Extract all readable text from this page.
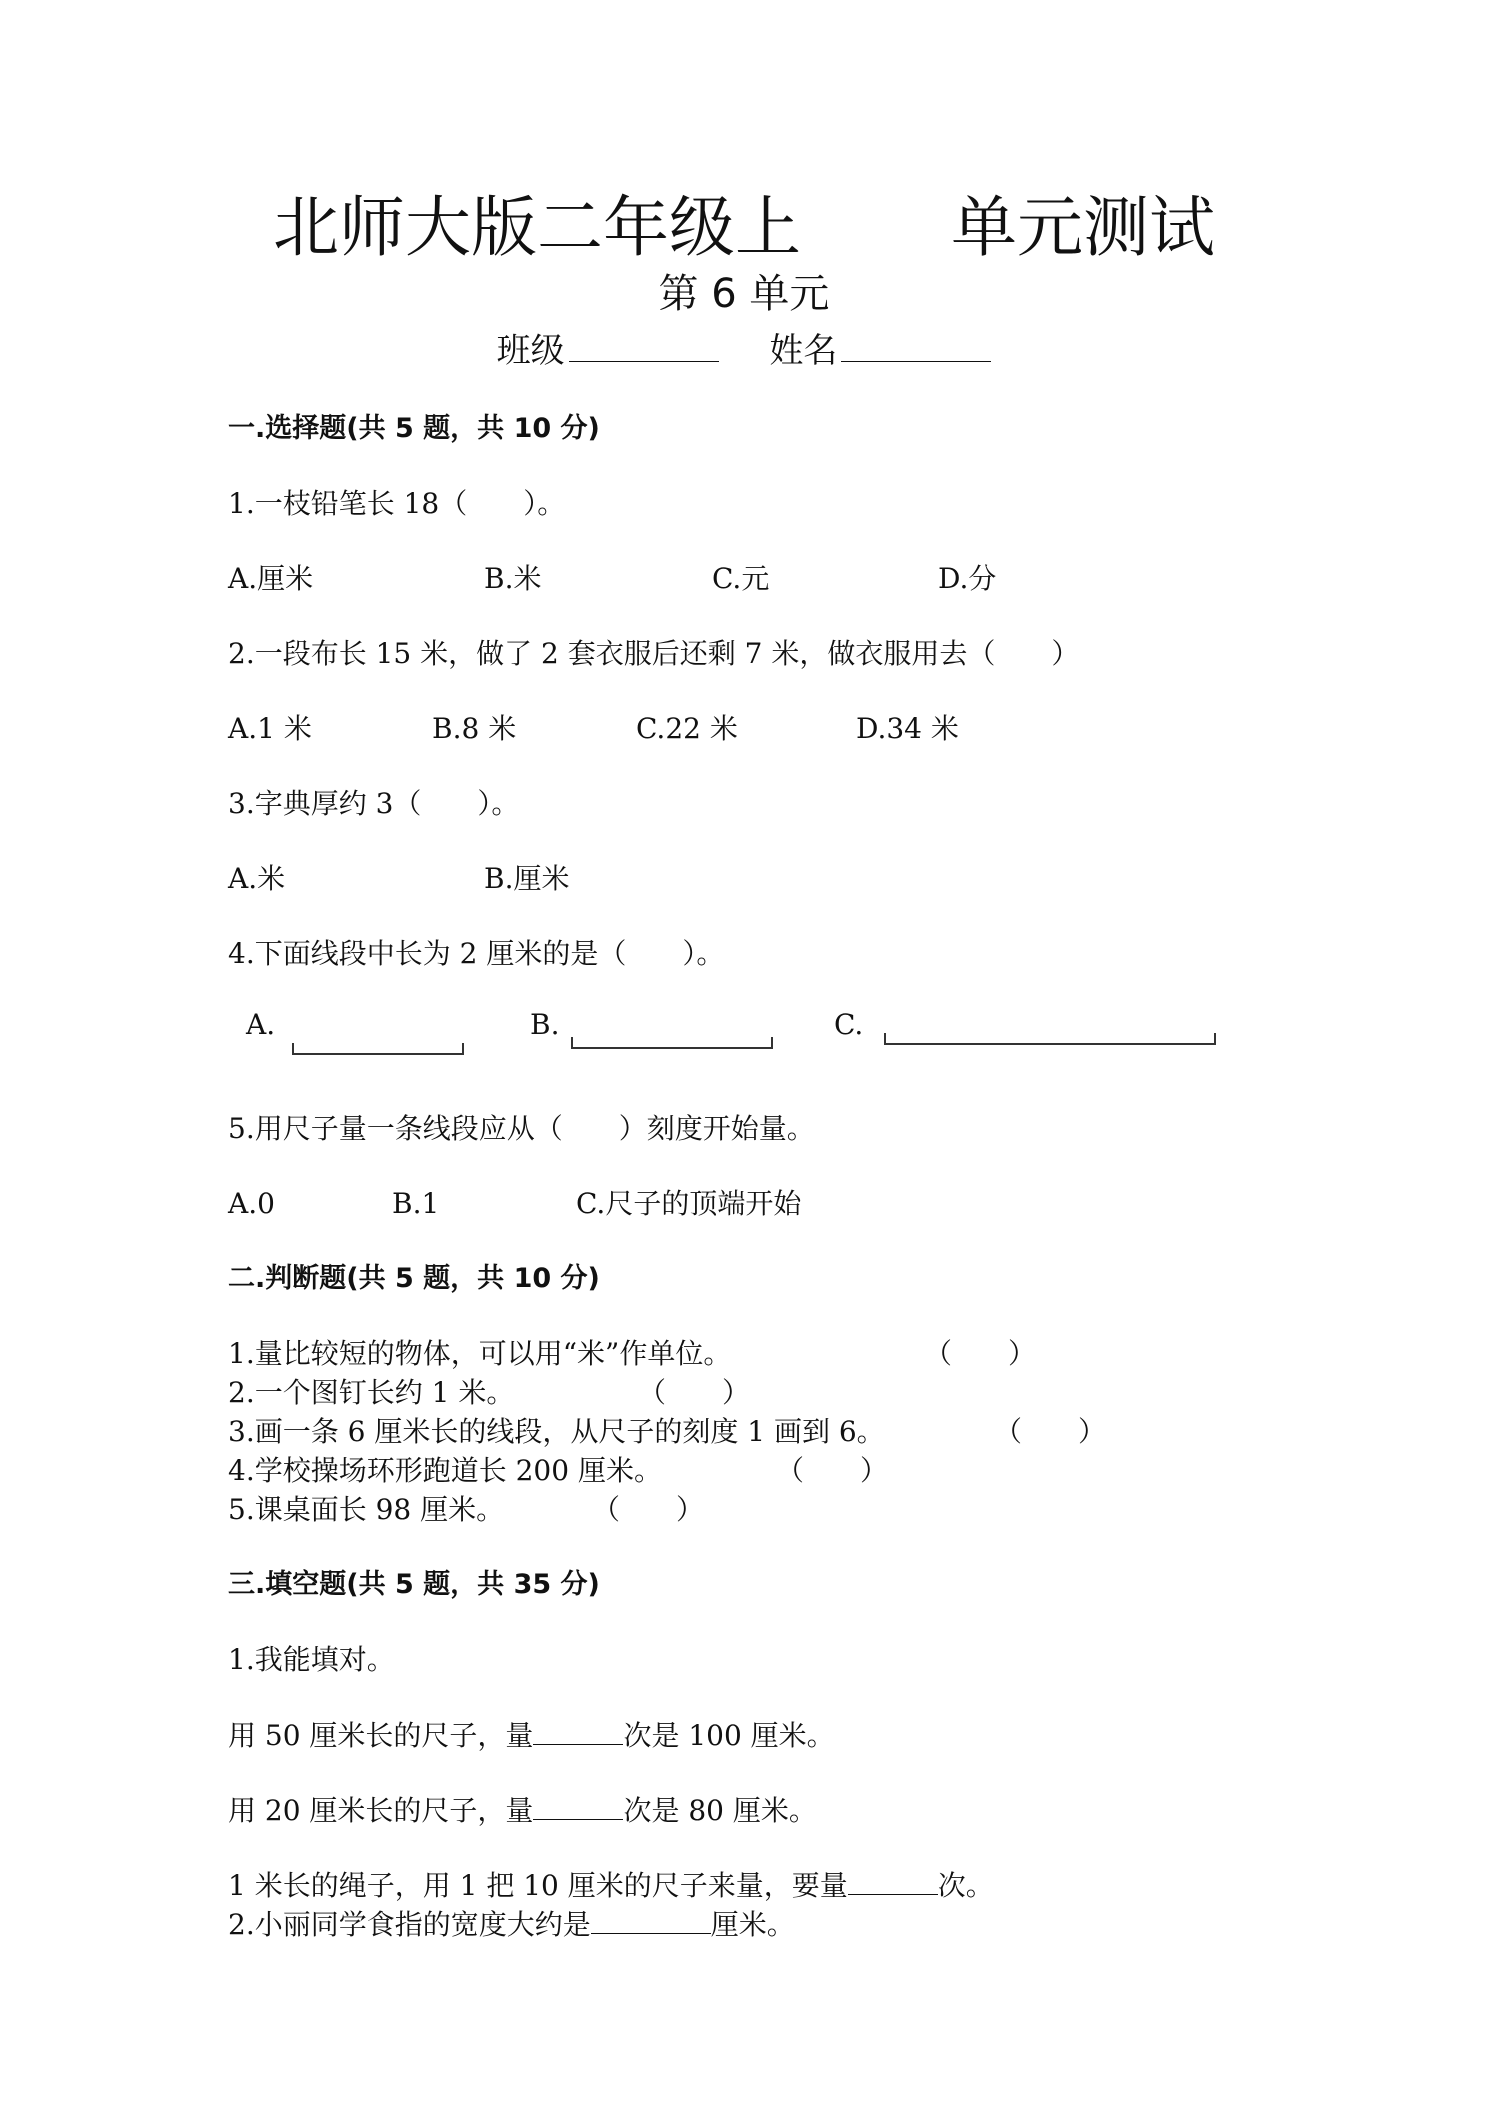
北师大版二年级上 单元测试
第 6 单元
班级	姓名
一.选择题(共 5 题，共 10 分)
1.一枝铅笔长 18（　　）。
A.厘米	B.米	C.元	D.分
2.一段布长 15 米，做了 2 套衣服后还剩 7 米，做衣服用去（　　）
A.1 米	B.8 米	C.22 米	D.34 米
3.字典厚约 3（　　）。
A.米	B.厘米
4.下面线段中长为 2 厘米的是（　　）。
A.	B.	C.
5.用尺子量一条线段应从（　　）刻度开始量。
A.0	B.1	C.尺子的顶端开始
二.判断题(共 5 题，共 10 分)
1.量比较短的物体，可以用“米”作单位。	（　　）
2.一个图钉长约 1 米。	（　　）
3.画一条 6 厘米长的线段，从尺子的刻度 1 画到 6。	（　　）
4.学校操场环形跑道长 200 厘米。	（　　）
5.课桌面长 98 厘米。	（　　）
三.填空题(共 5 题，共 35 分)
1.我能填对。
用 50 厘米长的尺子，量	次是 100 厘米。
用 20 厘米长的尺子，量	次是 80 厘米。
1 米长的绳子，用 1 把 10 厘米的尺子来量，要量	次。
2.小丽同学食指的宽度大约是	厘米。
